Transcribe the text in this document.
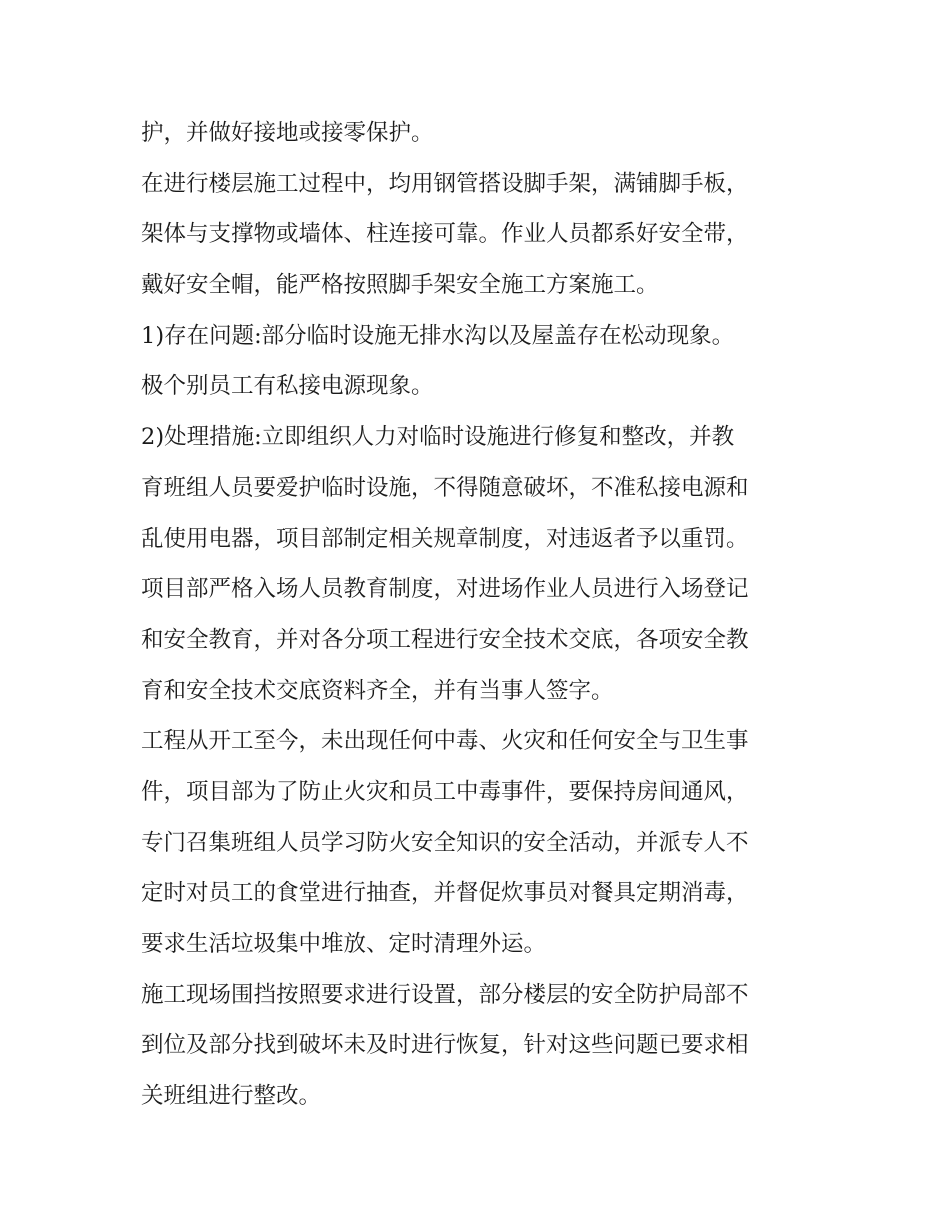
护，并做好接地或接零保护。
在进行楼层施工过程中，均用钢管搭设脚手架，满铺脚手板，
架体与支撑物或墙体、柱连接可靠。作业人员都系好安全带，
戴好安全帽，能严格按照脚手架安全施工方案施工。
1)存在问题:部分临时设施无排水沟以及屋盖存在松动现象。
极个别员工有私接电源现象。
2)处理措施:立即组织人力对临时设施进行修复和整改，并教
育班组人员要爱护临时设施，不得随意破坏，不准私接电源和
乱使用电器，项目部制定相关规章制度，对违返者予以重罚。
项目部严格入场人员教育制度，对进场作业人员进行入场登记
和安全教育，并对各分项工程进行安全技术交底，各项安全教
育和安全技术交底资料齐全，并有当事人签字。
工程从开工至今，未出现任何中毒、火灾和任何安全与卫生事
件，项目部为了防止火灾和员工中毒事件，要保持房间通风，
专门召集班组人员学习防火安全知识的安全活动，并派专人不
定时对员工的食堂进行抽查，并督促炊事员对餐具定期消毒，
要求生活垃圾集中堆放、定时清理外运。
施工现场围挡按照要求进行设置，部分楼层的安全防护局部不
到位及部分找到破坏未及时进行恢复，针对这些问题已要求相
关班组进行整改。
